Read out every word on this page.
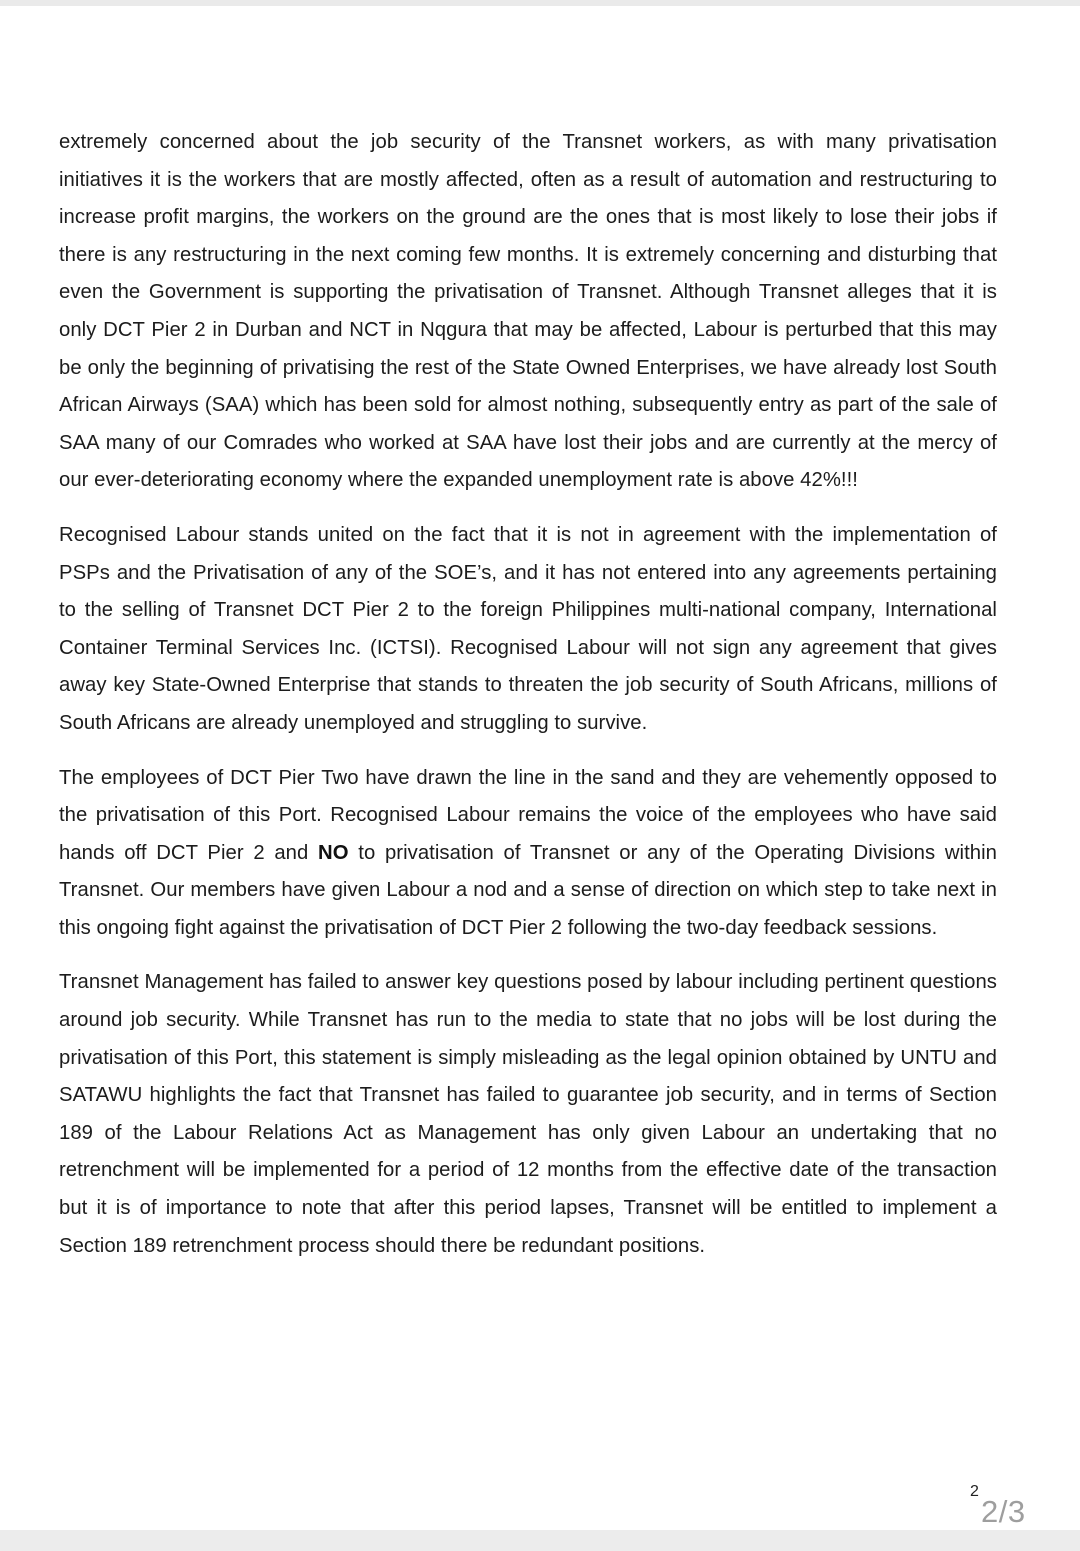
extremely concerned about the job security of the Transnet workers, as with many privatisation initiatives it is the workers that are mostly affected, often as a result of automation and restructuring to increase profit margins, the workers on the ground are the ones that is most likely to lose their jobs if there is any restructuring in the next coming few months. It is extremely concerning and disturbing that even the Government is supporting the privatisation of Transnet. Although Transnet alleges that it is only DCT Pier 2 in Durban and NCT in Nqgura that may be affected, Labour is perturbed that this may be only the beginning of privatising the rest of the State Owned Enterprises, we have already lost South African Airways (SAA) which has been sold for almost nothing, subsequently entry as part of the sale of SAA many of our Comrades who worked at SAA have lost their jobs and are currently at the mercy of our ever-deteriorating economy where the expanded unemployment rate is above 42%!!!

Recognised Labour stands united on the fact that it is not in agreement with the implementation of PSPs and the Privatisation of any of the SOE’s, and it has not entered into any agreements pertaining to the selling of Transnet DCT Pier 2 to the foreign Philippines multi-national company, International Container Terminal Services Inc. (ICTSI). Recognised Labour will not sign any agreement that gives away key State-Owned Enterprise that stands to threaten the job security of South Africans, millions of South Africans are already unemployed and struggling to survive.

The employees of DCT Pier Two have drawn the line in the sand and they are vehemently opposed to the privatisation of this Port. Recognised Labour remains the voice of the employees who have said hands off DCT Pier 2 and NO to privatisation of Transnet or any of the Operating Divisions within Transnet. Our members have given Labour a nod and a sense of direction on which step to take next in this ongoing fight against the privatisation of DCT Pier 2 following the two-day feedback sessions.

Transnet Management has failed to answer key questions posed by labour including pertinent questions around job security. While Transnet has run to the media to state that no jobs will be lost during the privatisation of this Port, this statement is simply misleading as the legal opinion obtained by UNTU and SATAWU highlights the fact that Transnet has failed to guarantee job security, and in terms of Section 189 of the Labour Relations Act as Management has only given Labour an undertaking that no retrenchment will be implemented for a period of 12 months from the effective date of the transaction but it is of importance to note that after this period lapses, Transnet will be entitled to implement a Section 189 retrenchment process should there be redundant positions.

2
2/3
